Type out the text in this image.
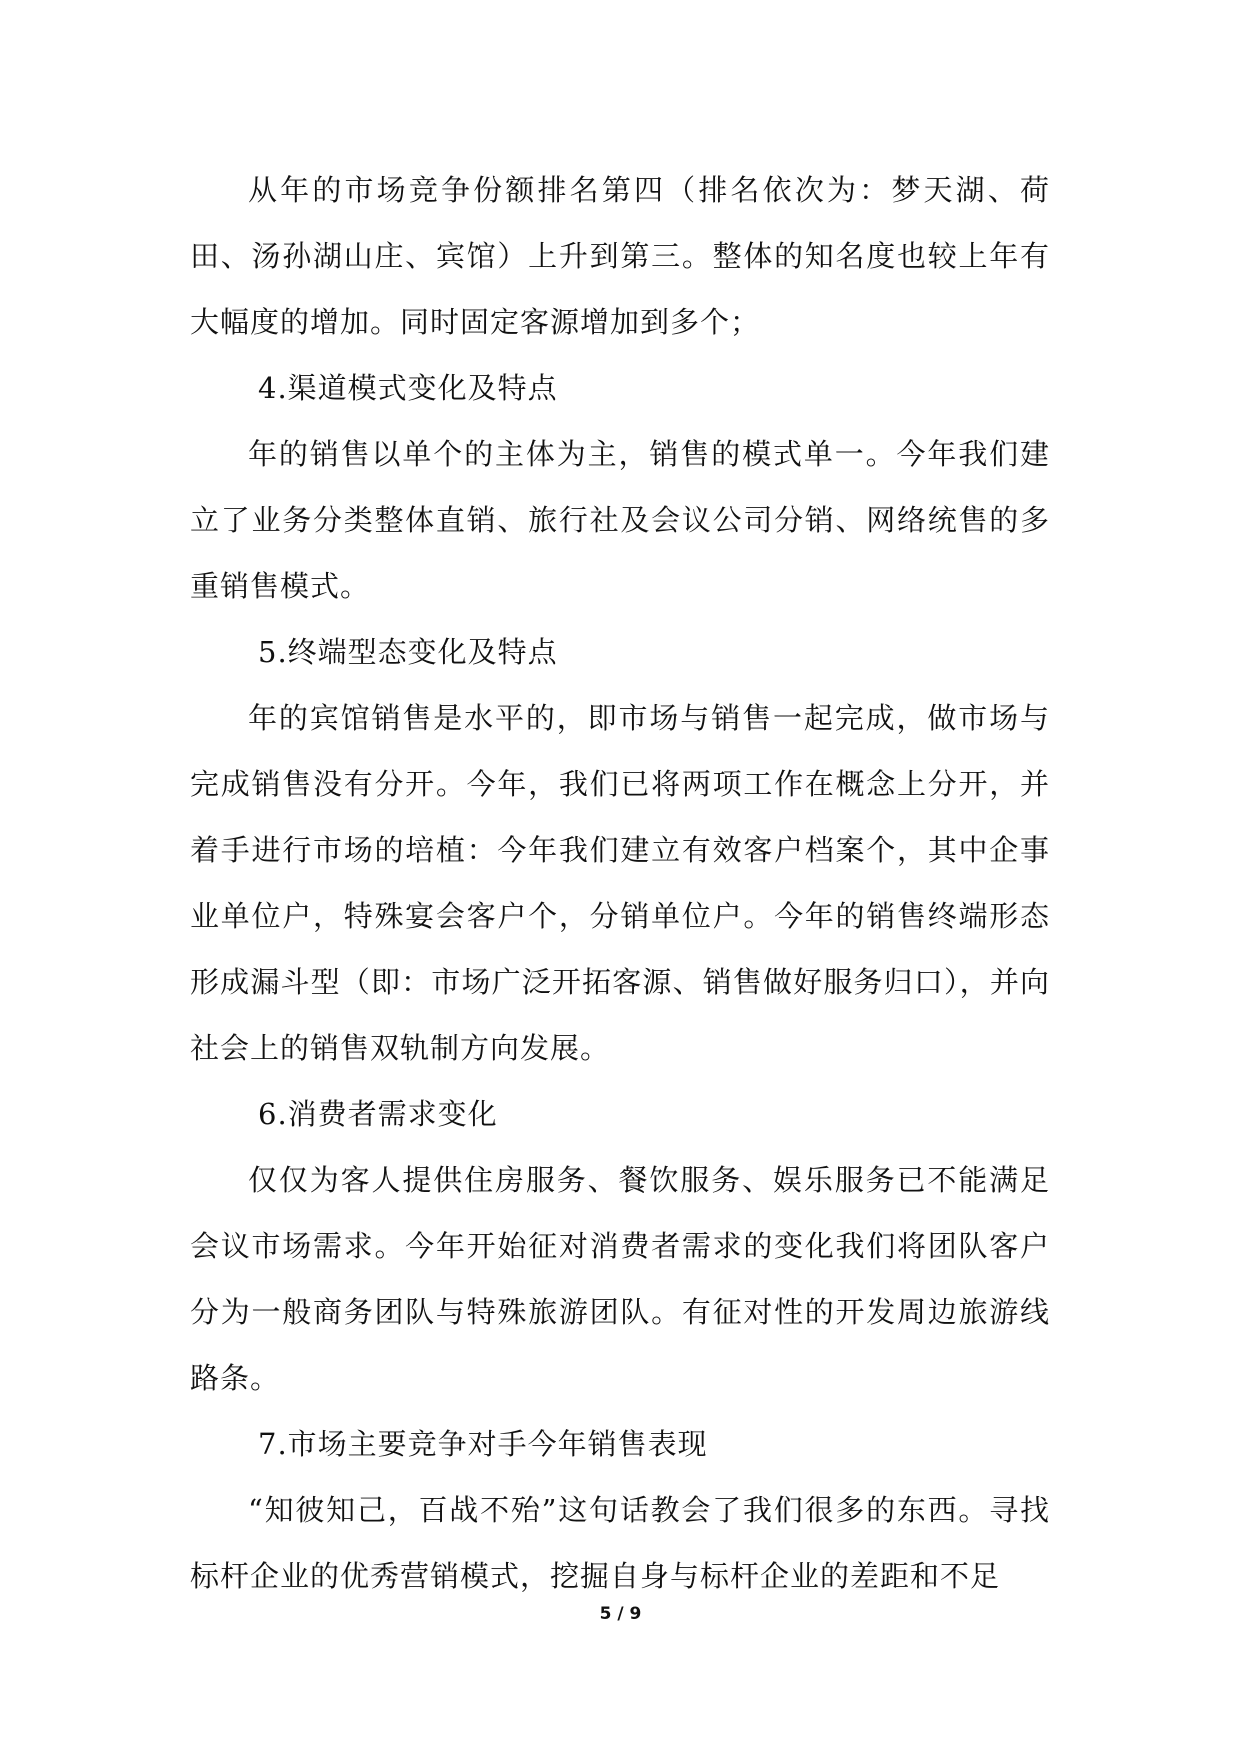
从年的市场竞争份额排名第四（排名依次为：梦天湖、荷田、汤孙湖山庄、宾馆）上升到第三。整体的知名度也较上年有大幅度的增加。同时固定客源增加到多个；

4.渠道模式变化及特点

年的销售以单个的主体为主，销售的模式单一。今年我们建立了业务分类整体直销、旅行社及会议公司分销、网络统售的多重销售模式。

5.终端型态变化及特点

年的宾馆销售是水平的，即市场与销售一起完成，做市场与完成销售没有分开。今年，我们已将两项工作在概念上分开，并着手进行市场的培植：今年我们建立有效客户档案个，其中企事业单位户，特殊宴会客户个，分销单位户。今年的销售终端形态形成漏斗型（即：市场广泛开拓客源、销售做好服务归口），并向社会上的销售双轨制方向发展。

6.消费者需求变化

仅仅为客人提供住房服务、餐饮服务、娱乐服务已不能满足会议市场需求。今年开始征对消费者需求的变化我们将团队客户分为一般商务团队与特殊旅游团队。有征对性的开发周边旅游线路条。

7.市场主要竞争对手今年销售表现

“知彼知己，百战不殆”这句话教会了我们很多的东西。寻找标杆企业的优秀营销模式，挖掘自身与标杆企业的差距和不足

5 / 9
